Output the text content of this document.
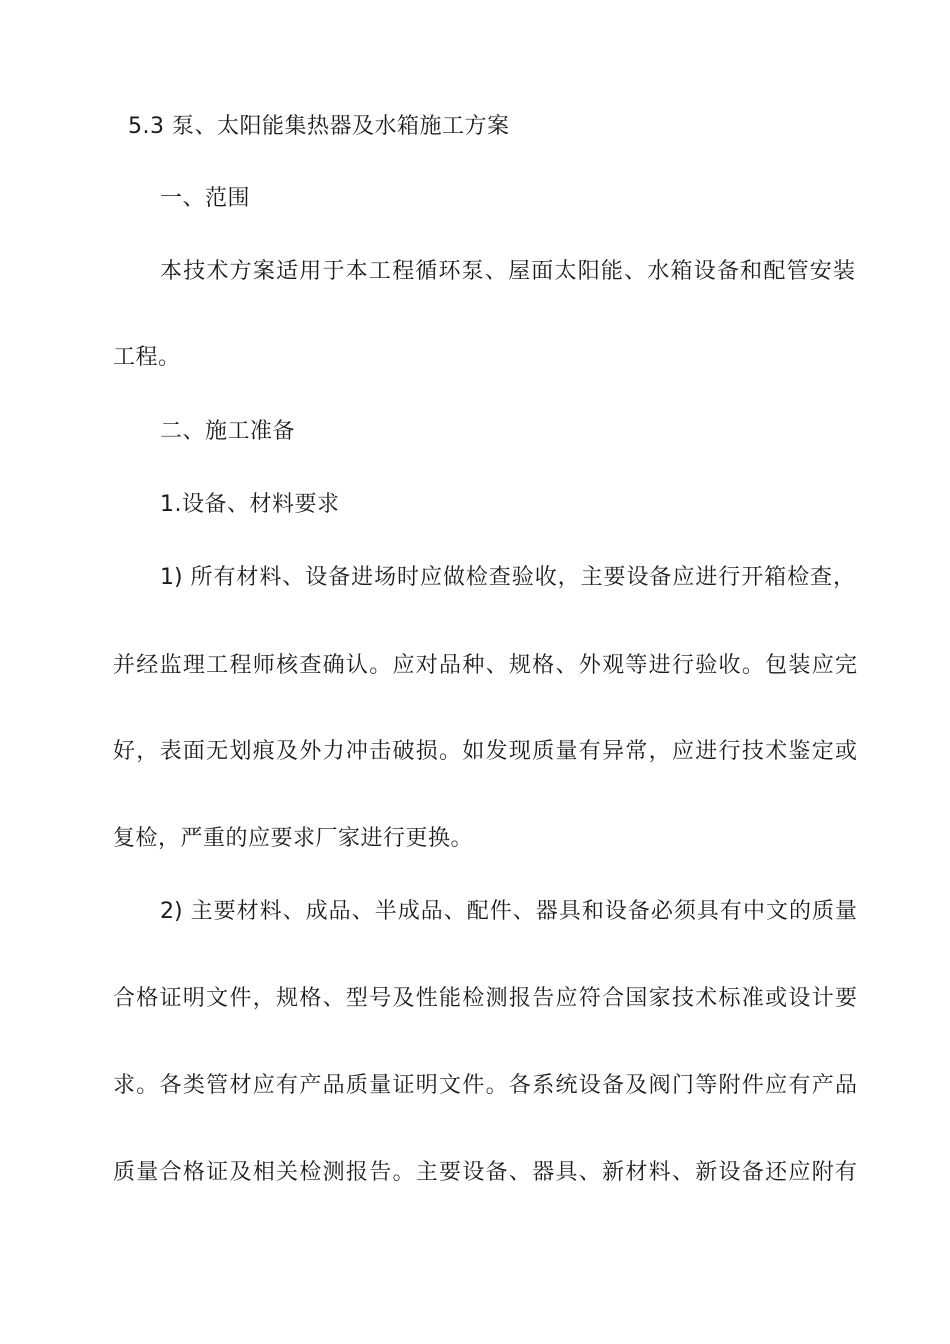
5.3 泵、太阳能集热器及水箱施工方案
一、范围
本技术方案适用于本工程循环泵、屋面太阳能、水箱设备和配管安装
工程。
二、施工准备
1.设备、材料要求
1) 所有材料、设备进场时应做检查验收，主要设备应进行开箱检查，
并经监理工程师核查确认。应对品种、规格、外观等进行验收。包装应完
好，表面无划痕及外力冲击破损。如发现质量有异常，应进行技术鉴定或
复检，严重的应要求厂家进行更换。
2) 主要材料、成品、半成品、配件、器具和设备必须具有中文的质量
合格证明文件，规格、型号及性能检测报告应符合国家技术标准或设计要
求。各类管材应有产品质量证明文件。各系统设备及阀门等附件应有产品
质量合格证及相关检测报告。主要设备、器具、新材料、新设备还应附有
